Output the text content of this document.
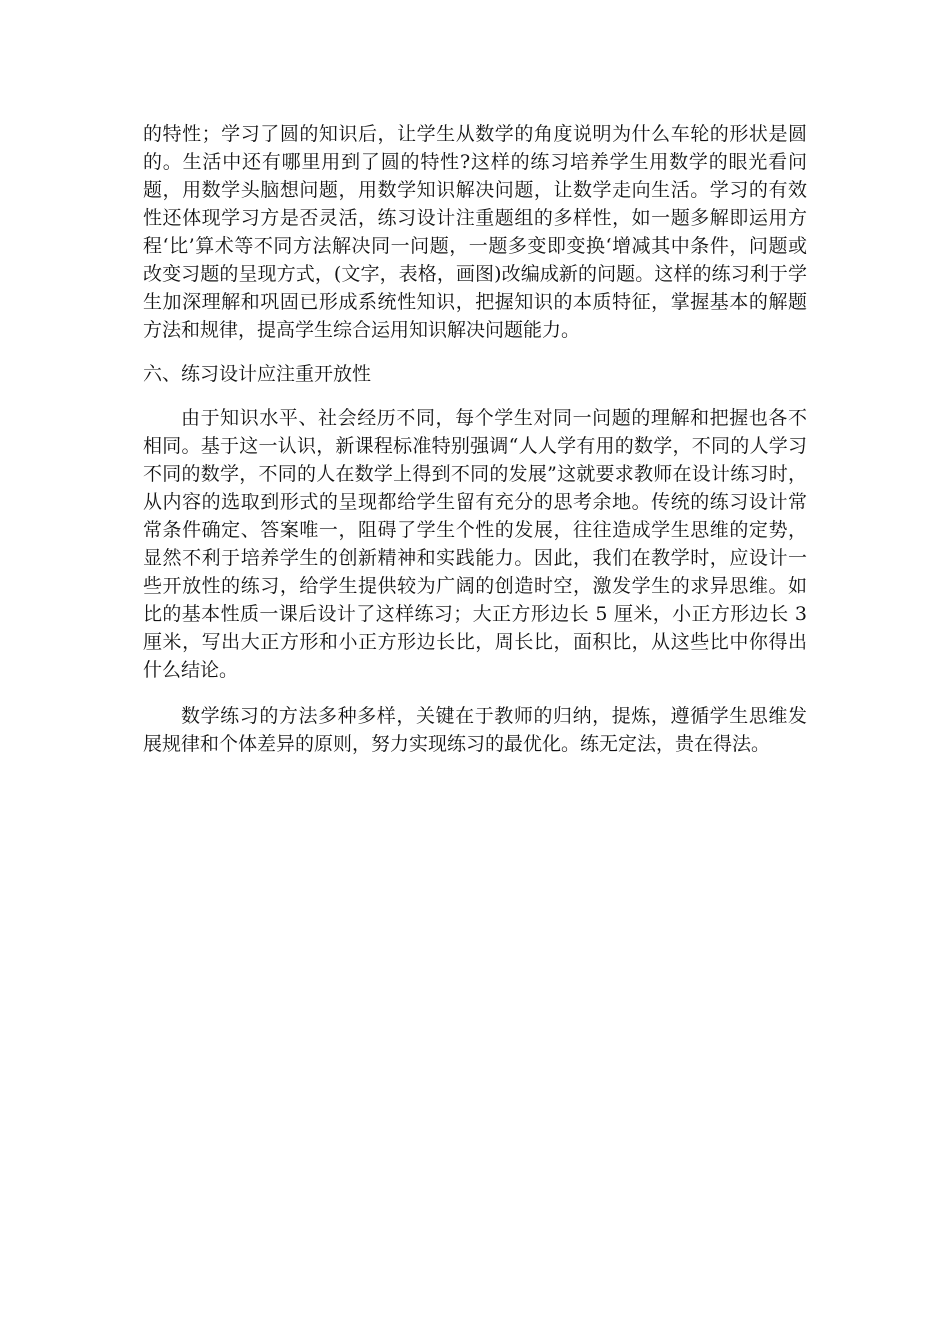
的特性；学习了圆的知识后，让学生从数学的角度说明为什么车轮的形状是圆的。生活中还有哪里用到了圆的特性?这样的练习培养学生用数学的眼光看问题，用数学头脑想问题，用数学知识解决问题，让数学走向生活。学习的有效性还体现学习方是否灵活，练习设计注重题组的多样性，如一题多解即运用方程‘比’算术等不同方法解决同一问题，一题多变即变换‘增减其中条件，问题或改变习题的呈现方式，(文字，表格，画图)改编成新的问题。这样的练习利于学生加深理解和巩固已形成系统性知识，把握知识的本质特征，掌握基本的解题方法和规律，提高学生综合运用知识解决问题能力。

六、练习设计应注重开放性

由于知识水平、社会经历不同，每个学生对同一问题的理解和把握也各不相同。基于这一认识，新课程标准特别强调“人人学有用的数学，不同的人学习不同的数学，不同的人在数学上得到不同的发展”这就要求教师在设计练习时，从内容的选取到形式的呈现都给学生留有充分的思考余地。传统的练习设计常常条件确定、答案唯一，阻碍了学生个性的发展，往往造成学生思维的定势，显然不利于培养学生的创新精神和实践能力。因此，我们在教学时，应设计一些开放性的练习，给学生提供较为广阔的创造时空，激发学生的求异思维。如比的基本性质一课后设计了这样练习；大正方形边长 5 厘米，小正方形边长 3 厘米，写出大正方形和小正方形边长比，周长比，面积比，从这些比中你得出什么结论。

数学练习的方法多种多样，关键在于教师的归纳，提炼，遵循学生思维发展规律和个体差异的原则，努力实现练习的最优化。练无定法，贵在得法。
